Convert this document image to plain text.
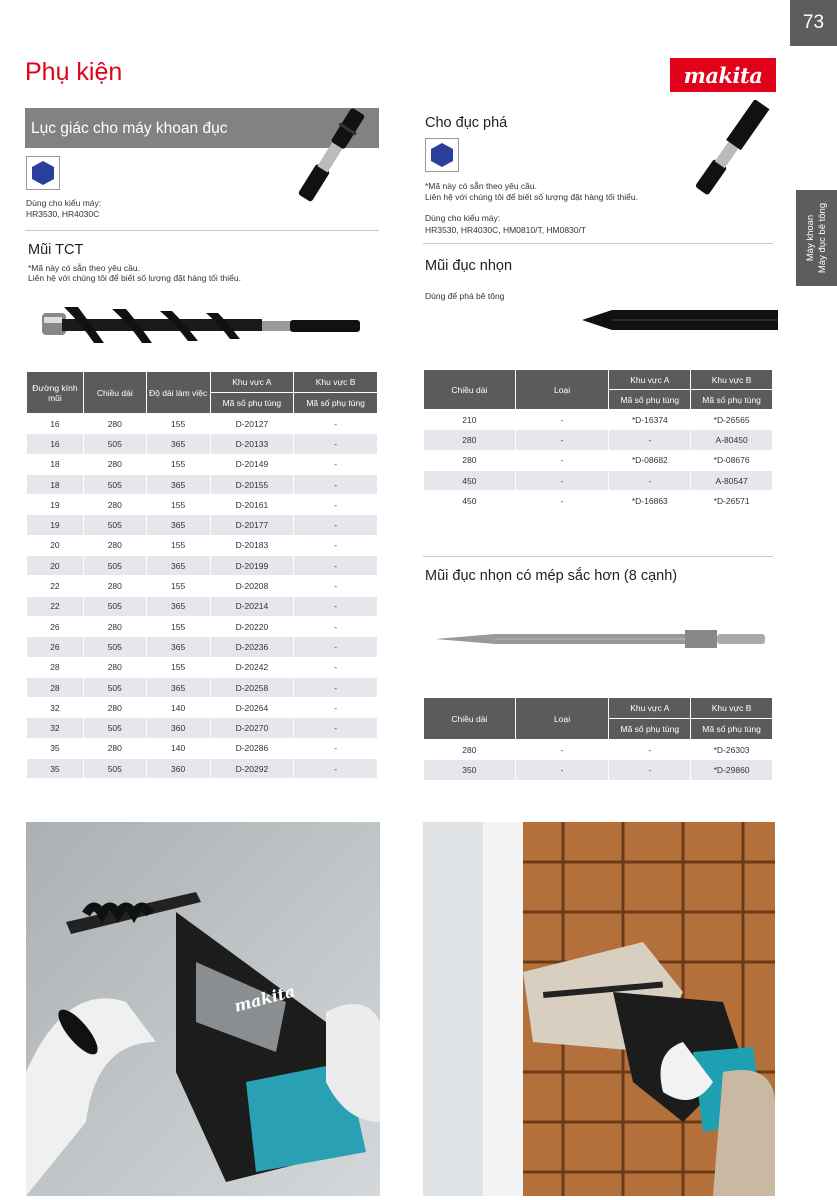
73
Phụ kiện	makita
Máy khoan Máy đục bê tông
Lục giác cho máy khoan đục
Dùng cho kiểu máy:
HR3530, HR4030C
Mũi TCT
*Mã này có sẵn theo yêu cầu.
Liên hệ với chúng tôi để biết số lượng đặt hàng tối thiểu.
Đường kính mũi	Chiều dài	Độ dài làm việc	Khu vực A	Khu vực B
			Mã số phụ tùng	Mã số phụ tùng
16	280	155	D-20127	-
16	505	365	D-20133	-
18	280	155	D-20149	-
18	505	365	D-20155	-
19	280	155	D-20161	-
19	505	365	D-20177	-
20	280	155	D-20183	-
20	505	365	D-20199	-
22	280	155	D-20208	-
22	505	365	D-20214	-
26	280	155	D-20220	-
26	505	365	D-20236	-
28	280	155	D-20242	-
28	505	365	D-20258	-
32	280	140	D-20264	-
32	505	360	D-20270	-
35	280	140	D-20286	-
35	505	360	D-20292	-
Cho đục phá
*Mã này có sẵn theo yêu cầu.
Liên hệ với chúng tôi để biết số lượng đặt hàng tối thiểu.
Dùng cho kiểu máy:
HR3530, HR4030C, HM0810/T, HM0830/T
Mũi đục nhọn
Dùng để phá bê tông
Chiều dài	Loại	Khu vực A	Khu vực B
		Mã số phụ tùng	Mã số phụ tùng
210	-	*D-16374	*D-26565
280	-	-	A-80450
280	-	*D-08682	*D-08676
450	-	-	A-80547
450	-	*D-16863	*D-26571
Mũi đục nhọn có mép sắc hơn (8 cạnh)
Chiều dài	Loại	Khu vực A	Khu vực B
		Mã số phụ tùng	Mã số phụ tùng
280	-	-	*D-26303
350	-	-	*D-29860
makita
